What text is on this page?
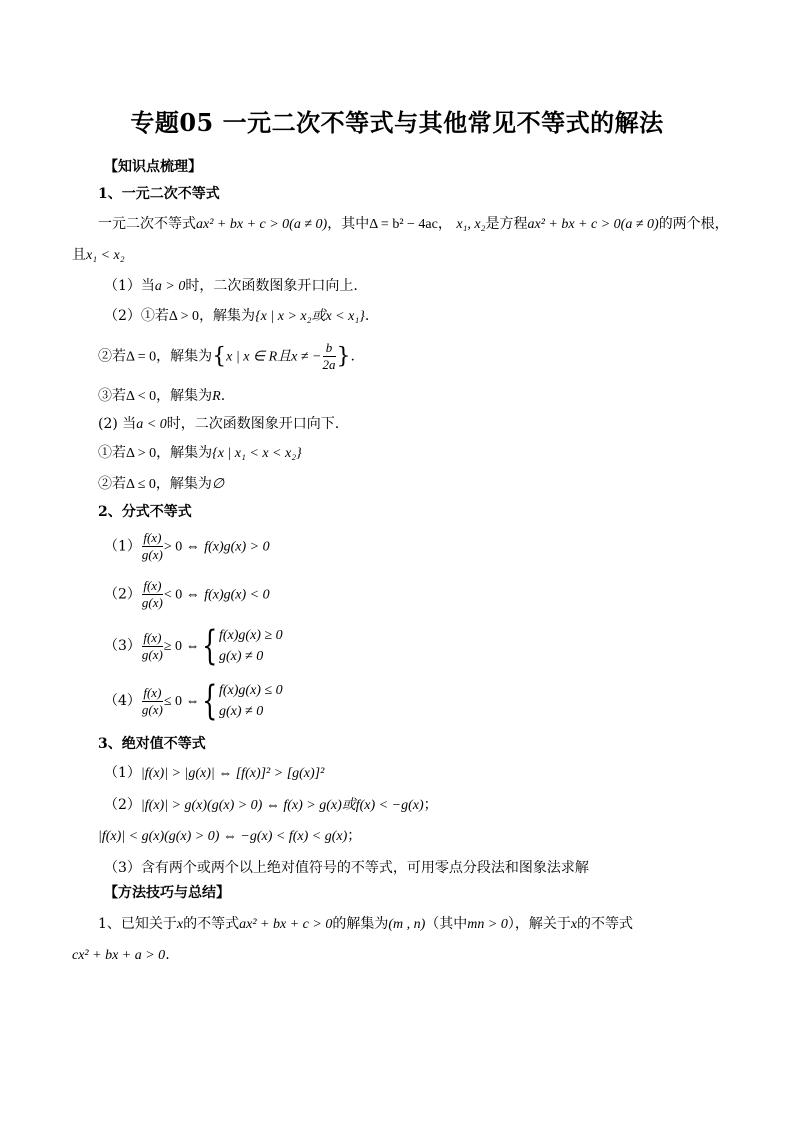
专题05 一元二次不等式与其他常见不等式的解法
【知识点梳理】
1、一元二次不等式
一元二次不等式ax² + bx + c > 0(a ≠ 0)，其中Δ = b² − 4ac， x₁, x₂是方程ax² + bx + c > 0(a ≠ 0)的两个根，
且x₁ < x₂
（1）当a > 0时，二次函数图象开口向上.
（2）①若Δ > 0，解集为{x | x > x₂或x < x₁}.
②若Δ = 0，解集为{x | x ∈ R且x ≠ − $\frac{b}{2a}$ }.
③若Δ < 0，解集为R.
(2) 当a < 0时，二次函数图象开口向下.
①若Δ > 0，解集为{x | x₁ < x < x₂}
②若Δ ≤ 0，解集为∅
2、分式不等式
$(1) \frac{f(x)}{g(x)} > 0$ ⇔ f(x)g(x) > 0
$(2) \frac{f(x)}{g(x)} < 0$ ⇔ f(x)g(x) < 0
$(3) \frac{f(x)}{g(x)} \ge 0$ ⇔{ f(x)g(x) ≥ 0
g(x) ≠ 0
$(4) \frac{f(x)}{g(x)} \le 0$ ⇔{ f(x)g(x) ≤ 0
g(x) ≠ 0
3、绝对值不等式
（1）|f(x)| > |g(x)| ⇔ [f(x)]² > [g(x)]²
（2）|f(x)| > g(x)(g(x) > 0) ⇔ f(x) > g(x)或f(x) < −g(x)；
|f(x)| < g(x)(g(x) > 0) ⇔ −g(x) < f(x) < g(x)；
（3）含有两个或两个以上绝对值符号的不等式，可用零点分段法和图象法求解
【方法技巧与总结】
1、已知关于x的不等式ax² + bx + c > 0的解集为(m , n)（其中mn > 0），解关于x的不等式
cx² + bx + a > 0.
